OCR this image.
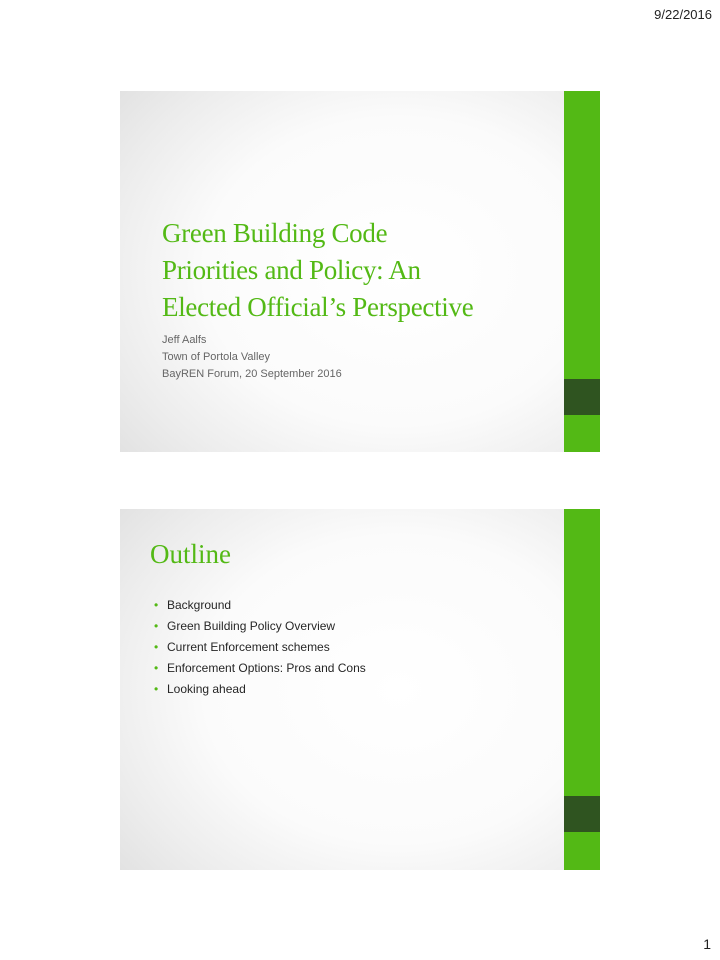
9/22/2016
Green Building Code
Priorities and Policy: An
Elected Official’s Perspective
Jeff Aalfs
Town of Portola Valley
BayREN Forum, 20 September 2016
Outline
• Background
• Green Building Policy Overview
• Current Enforcement schemes
• Enforcement Options: Pros and Cons
• Looking ahead
1
